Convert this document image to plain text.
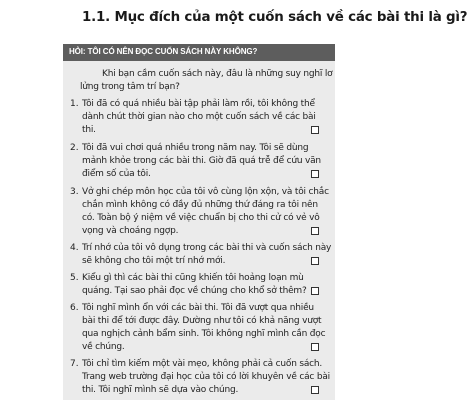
1.1. Mục đích của một cuốn sách về các bài thi là gì?
HỎI: TÔI CÓ NÊN ĐỌC CUỐN SÁCH NÀY KHÔNG?
Khi bạn cầm cuốn sách này, đâu là những suy nghĩ lơ
lửng trong tâm trí bạn?
1. Tôi đã có quá nhiều bài tập phải làm rồi, tôi không thể
dành chút thời gian nào cho một cuốn sách về các bài
thi.
2. Tôi đã vui chơi quá nhiều trong năm nay. Tôi sẽ dùng
mảnh khỏe trong các bài thi. Giờ đã quá trễ để cứu vãn
điểm số của tôi.
3. Vở ghi chép môn học của tôi vô cùng lộn xộn, và tôi chắc
chắn mình không có đầy đủ những thứ đáng ra tôi nên
có. Toàn bộ ý niệm về việc chuẩn bị cho thi cử có vẻ vô
vọng và choáng ngợp.
4. Trí nhớ của tôi vô dụng trong các bài thi và cuốn sách này
sẽ không cho tôi một trí nhớ mới.
5. Kiểu gì thì các bài thi cũng khiến tôi hoảng loạn mù
quáng. Tại sao phải đọc về chúng cho khổ sở thêm?
6. Tôi nghĩ mình ổn với các bài thi. Tôi đã vượt qua nhiều
bài thi để tới được đây. Dường như tôi có khả năng vượt
qua nghịch cảnh bẩm sinh. Tôi không nghĩ mình cần đọc
về chúng.
7. Tôi chỉ tìm kiếm một vài mẹo, không phải cả cuốn sách.
Trang web trường đại học của tôi có lời khuyên về các bài
thi. Tôi nghĩ mình sẽ dựa vào chúng.
